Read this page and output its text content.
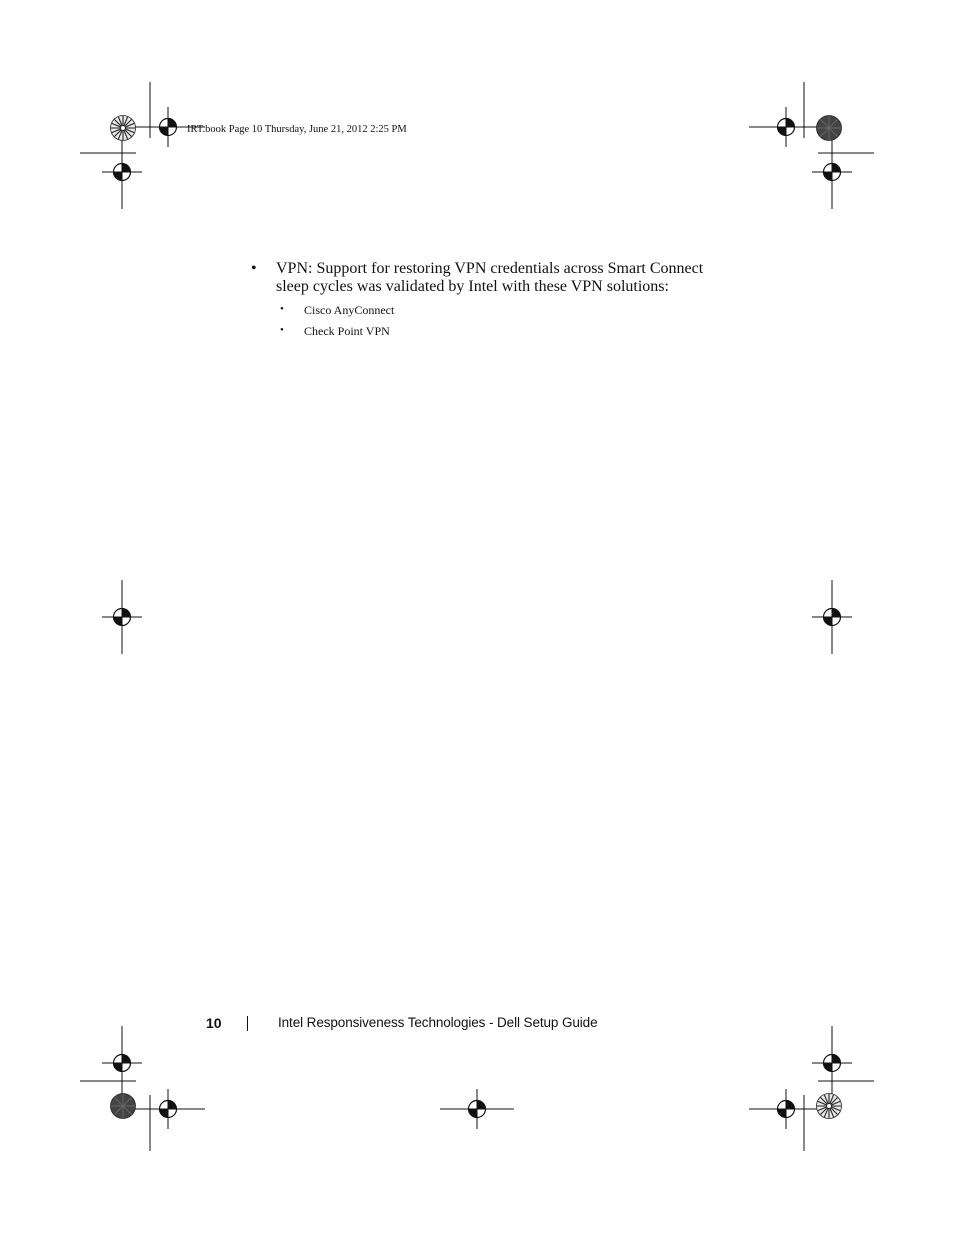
IRT.book Page 10 Thursday, June 21, 2012 2:25 PM
• VPN: Support for restoring VPN credentials across Smart Connect sleep cycles was validated by Intel with these VPN solutions:
• Cisco AnyConnect
• Check Point VPN
10	Intel Responsiveness Technologies - Dell Setup Guide
